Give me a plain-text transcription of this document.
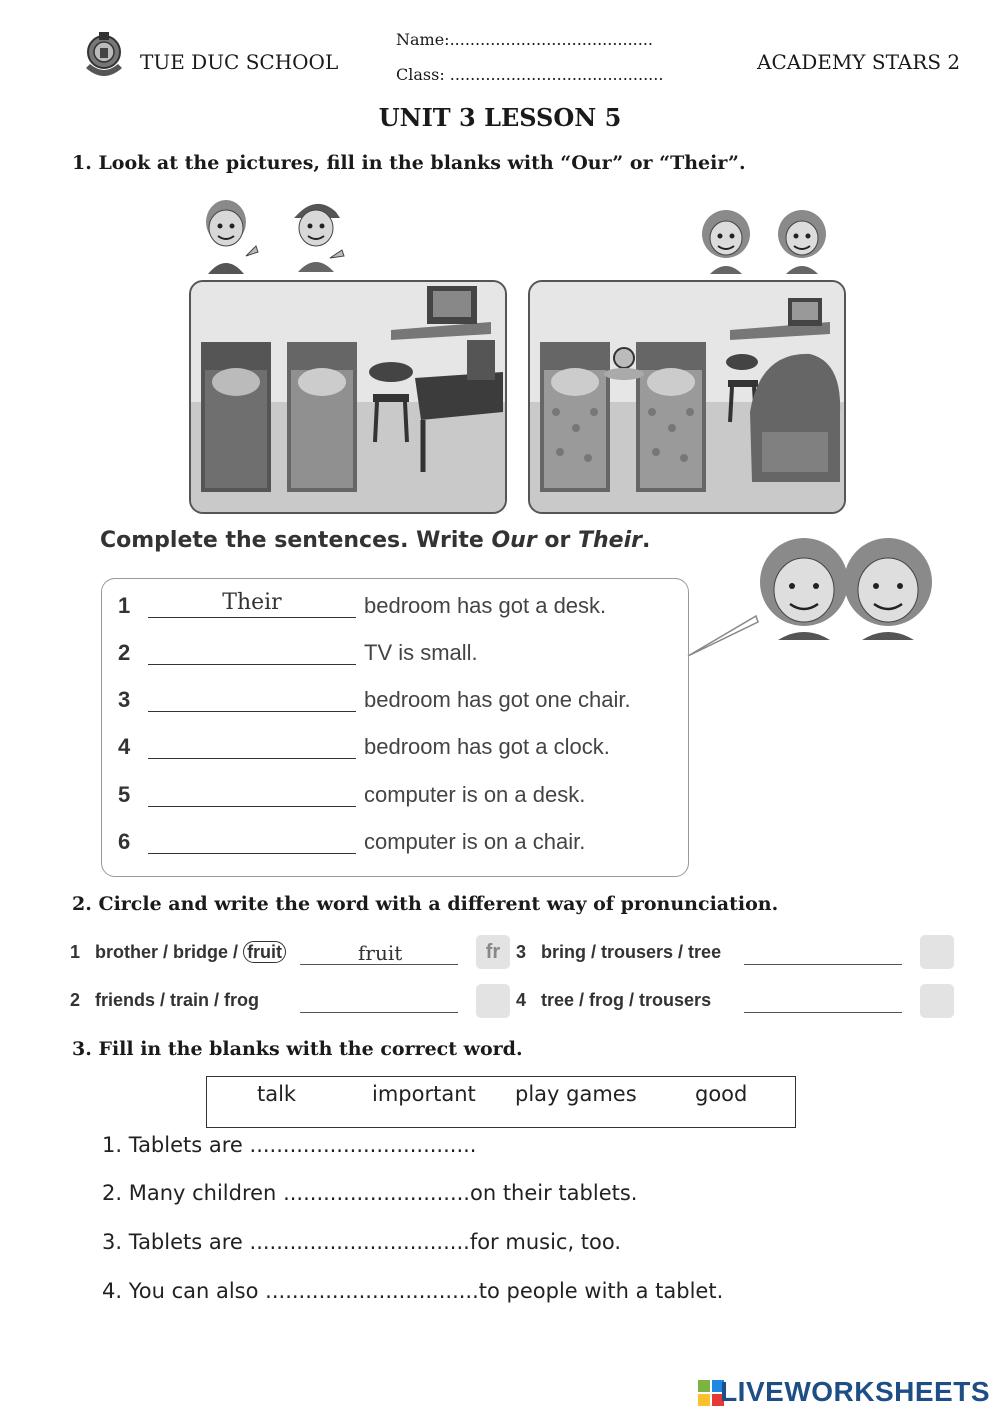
TUE DUC SCHOOL
Name:........................................
Class: ..........................................
ACADEMY STARS 2
UNIT 3 LESSON 5
1. Look at the pictures, fill in the blanks with “Our” or “Their”.
Complete the sentences. Write Our or Their.
1	Their	bedroom has got a desk.
2	TV is small.
3	bedroom has got one chair.
4	bedroom has got a clock.
5	computer is on a desk.
6	computer is on a chair.
2. Circle and write the word with a different way of pronunciation.
1 brother / bridge / fruit	fruit	fr 3 bring / trousers / tree
2 friends / train / frog	4 tree / frog / trousers
3. Fill in the blanks with the correct word.
talk	important play games	good
1. Tablets are ..................................
2. Many children ............................on their tablets.
3. Tablets are .................................for music, too.
4. You can also ................................to people with a tablet.
LIVEWORKSHEETS
